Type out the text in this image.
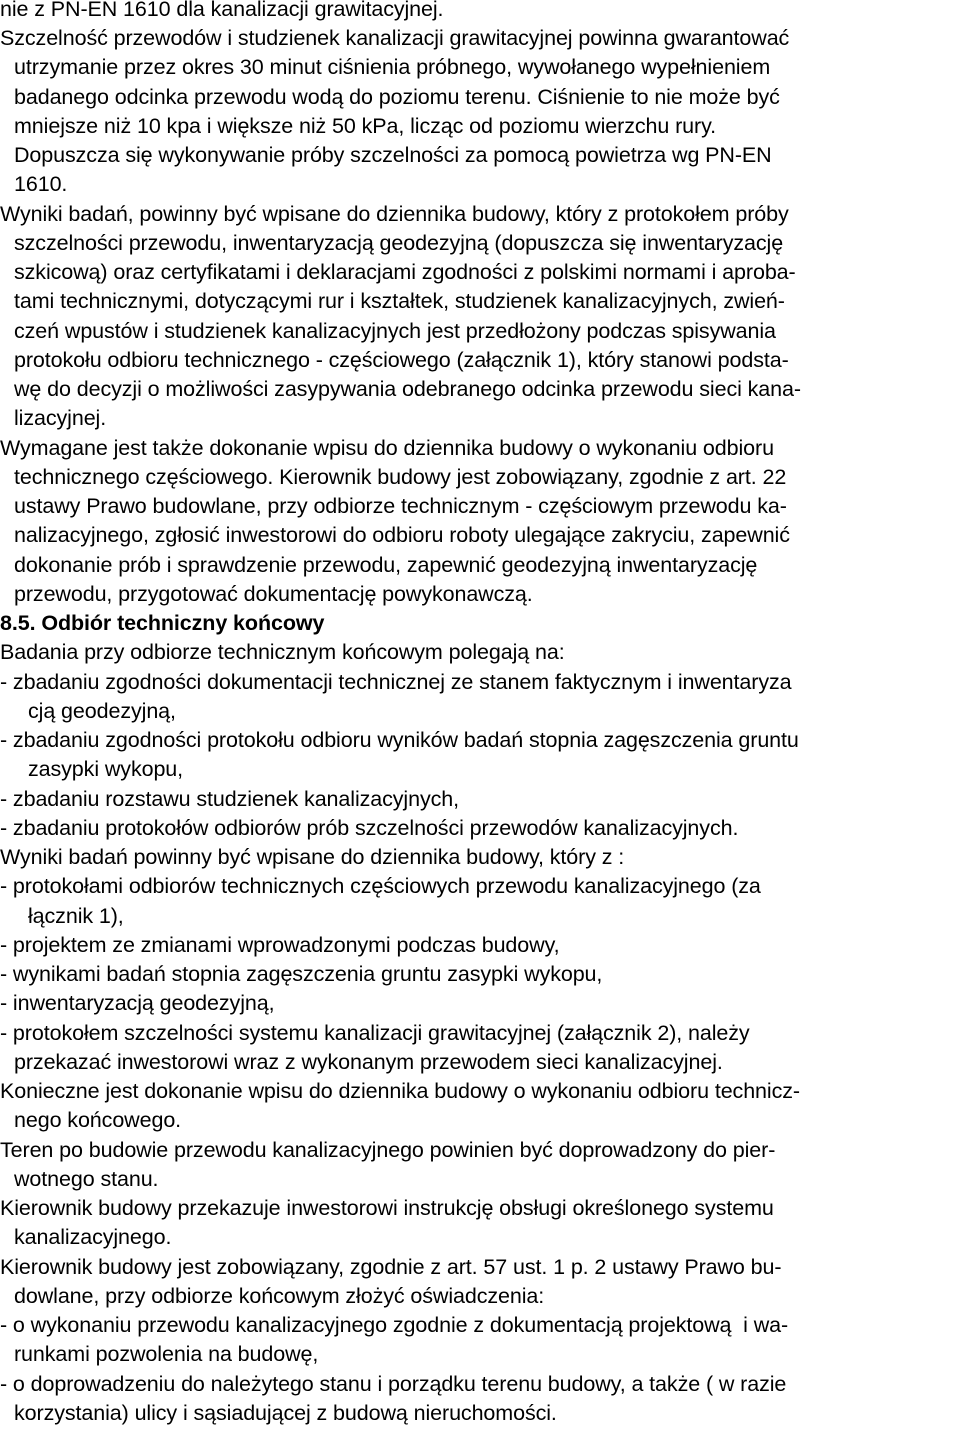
nie z PN-EN 1610 dla kanalizacji grawitacyjnej.
Szczelność przewodów i studzienek kanalizacji grawitacyjnej powinna gwarantować
utrzymanie przez okres 30 minut ciśnienia próbnego, wywołanego wypełnieniem
badanego odcinka przewodu wodą do poziomu terenu. Ciśnienie to nie może być
mniejsze niż 10 kpa i większe niż 50 kPa, licząc od poziomu wierzchu rury.
Dopuszcza się wykonywanie próby szczelności za pomocą powietrza wg PN-EN
1610.
Wyniki badań, powinny być wpisane do dziennika budowy, który z protokołem próby
szczelności przewodu, inwentaryzacją geodezyjną (dopuszcza się inwentaryzację
szkicową) oraz certyfikatami i deklaracjami zgodności z polskimi normami i aproba-
tami technicznymi, dotyczącymi rur i kształtek, studzienek kanalizacyjnych, zwień-
czeń wpustów i studzienek kanalizacyjnych jest przedłożony podczas spisywania
protokołu odbioru technicznego - częściowego (załącznik 1), który stanowi podsta-
wę do decyzji o możliwości zasypywania odebranego odcinka przewodu sieci kana-
lizacyjnej.
Wymagane jest także dokonanie wpisu do dziennika budowy o wykonaniu odbioru
technicznego częściowego. Kierownik budowy jest zobowiązany, zgodnie z art. 22
ustawy Prawo budowlane, przy odbiorze technicznym - częściowym przewodu ka-
nalizacyjnego, zgłosić inwestorowi do odbioru roboty ulegające zakryciu, zapewnić
dokonanie prób i sprawdzenie przewodu, zapewnić geodezyjną inwentaryzację
przewodu, przygotować dokumentację powykonawczą.
8.5. Odbiór techniczny końcowy
Badania przy odbiorze technicznym końcowym polegają na:
- zbadaniu zgodności dokumentacji technicznej ze stanem faktycznym i inwentaryza
cją geodezyjną,
- zbadaniu zgodności protokołu odbioru wyników badań stopnia zagęszczenia gruntu
zasypki wykopu,
- zbadaniu rozstawu studzienek kanalizacyjnych,
- zbadaniu protokołów odbiorów prób szczelności przewodów kanalizacyjnych.
Wyniki badań powinny być wpisane do dziennika budowy, który z :
- protokołami odbiorów technicznych częściowych przewodu kanalizacyjnego (za
łącznik 1),
- projektem ze zmianami wprowadzonymi podczas budowy,
- wynikami badań stopnia zagęszczenia gruntu zasypki wykopu,
- inwentaryzacją geodezyjną,
- protokołem szczelności systemu kanalizacji grawitacyjnej (załącznik 2), należy
przekazać inwestorowi wraz z wykonanym przewodem sieci kanalizacyjnej.
Konieczne jest dokonanie wpisu do dziennika budowy o wykonaniu odbioru technicz-
nego końcowego.
Teren po budowie przewodu kanalizacyjnego powinien być doprowadzony do pier-
wotnego stanu.
Kierownik budowy przekazuje inwestorowi instrukcję obsługi określonego systemu
kanalizacyjnego.
Kierownik budowy jest zobowiązany, zgodnie z art. 57 ust. 1 p. 2 ustawy Prawo bu-
dowlane, przy odbiorze końcowym złożyć oświadczenia:
- o wykonaniu przewodu kanalizacyjnego zgodnie z dokumentacją projektową  i wa-
runkami pozwolenia na budowę,
- o doprowadzeniu do należytego stanu i porządku terenu budowy, a także ( w razie
korzystania) ulicy i sąsiadującej z budową nieruchomości.
